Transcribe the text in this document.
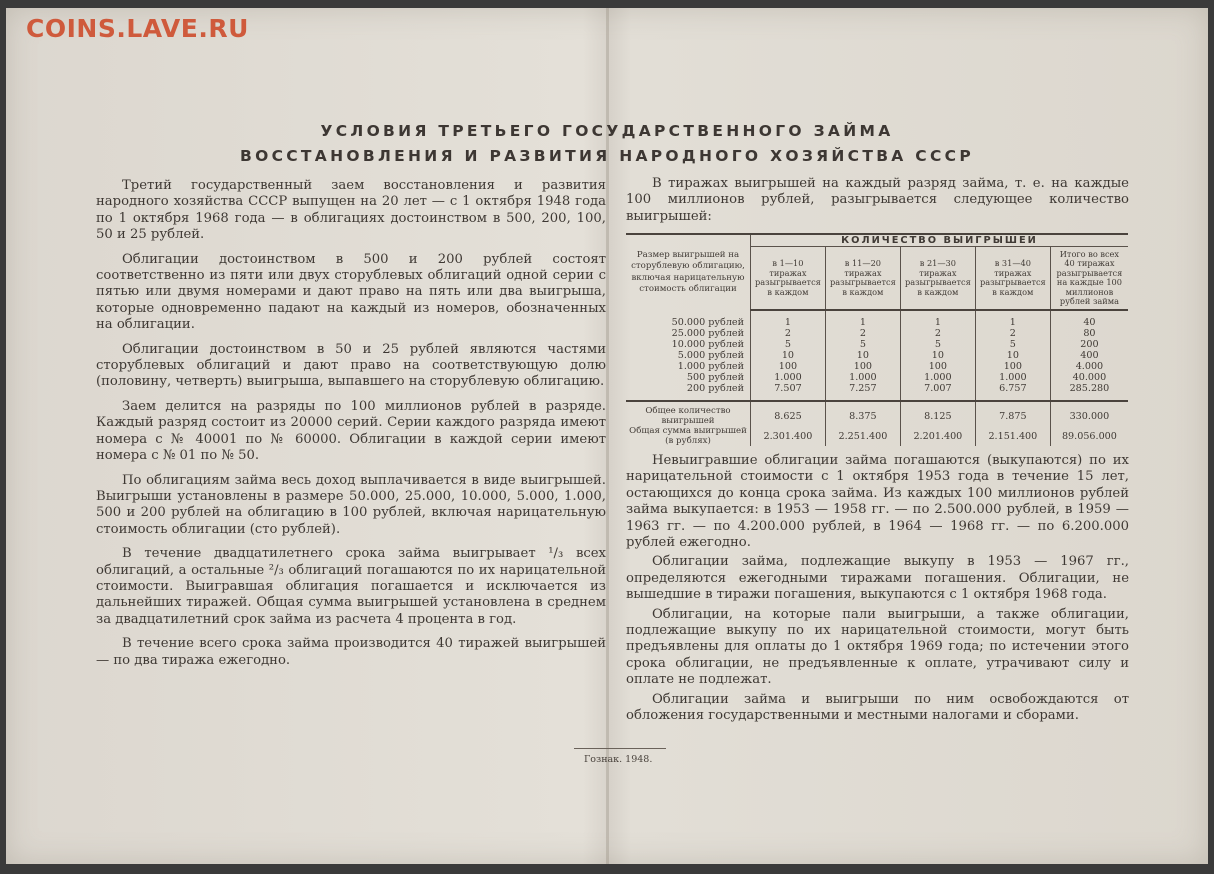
COINS.LAVE.RU
УСЛОВИЯ ТРЕТЬЕГО ГОСУДАРСТВЕННОГО ЗАЙМА
ВОССТАНОВЛЕНИЯ И РАЗВИТИЯ НАРОДНОГО ХОЗЯЙСТВА СССР

Третий государственный заем восстановления и развития народного хозяйства СССР выпущен на 20 лет — с 1 октября 1948 года по 1 октября 1968 года — в облигациях достоинством в 500, 200, 100, 50 и 25 рублей.

Облигации достоинством в 500 и 200 рублей состоят соответственно из пяти или двух сторублевых облигаций одной серии с пятью или двумя номерами и дают право на пять или два выигрыша, которые одновременно падают на каждый из номеров, обозначенных на облигации.

Облигации достоинством в 50 и 25 рублей являются частями сторублевых облигаций и дают право на соответствующую долю (половину, четверть) выигрыша, выпавшего на сторублевую облигацию.

Заем делится на разряды по 100 миллионов рублей в разряде. Каждый разряд состоит из 20000 серий. Серии каждого разряда имеют номера с № 40001 по № 60000. Облигации в каждой серии имеют номера с № 01 по № 50.

По облигациям займа весь доход выплачивается в виде выигрышей. Выигрыши установлены в размере 50.000, 25.000, 10.000, 5.000, 1.000, 500 и 200 рублей на облигацию в 100 рублей, включая нарицательную стоимость облигации (сто рублей).

В течение двадцатилетнего срока займа выигрывает ¹/₃ всех облигаций, а остальные ²/₃ облигаций погашаются по их нарицательной стоимости. Выигравшая облигация погашается и исключается из дальнейших тиражей. Общая сумма выигрышей установлена в среднем за двадцатилетний срок займа из расчета 4 процента в год.

В течение всего срока займа производится 40 тиражей выигрышей — по два тиража ежегодно.

В тиражах выигрышей на каждый разряд займа, т. е. на каждые 100 миллионов рублей, разыгрывается следующее количество выигрышей:

Размер выигрышей на сторублевую облигацию, включая нарицательную стоимость облигации	КОЛИЧЕСТВО ВЫИГРЫШЕЙ				
	в 1—10 тиражах разыгрывается в каждом	в 11—20 тиражах разыгрывается в каждом	в 21—30 тиражах разыгрывается в каждом	в 31—40 тиражах разыгрывается в каждом	Итого во всех 40 тиражах разыгрывается на каждые 100 миллионов рублей займа

50.000 рублей	1	1	1	1	40
25.000 рублей	2	2	2	2	80
10.000 рублей	5	5	5	5	200
5.000 рублей	10	10	10	10	400
1.000 рублей	100	100	100	100	4.000
500 рублей	1.000	1.000	1.000	1.000	40.000
200 рублей	7.507	7.257	7.007	6.757	285.280

Общее количество выигрышей	8.625	8.375	8.125	7.875	330.000
Общая сумма выигрышей (в рублях)	2.301.400	2.251.400	2.201.400	2.151.400	89.056.000

Невыигравшие облигации займа погашаются (выкупаются) по их нарицательной стоимости с 1 октября 1953 года в течение 15 лет, остающихся до конца срока займа. Из каждых 100 миллионов рублей займа выкупается: в 1953 — 1958 гг. — по 2.500.000 рублей, в 1959 — 1963 гг. — по 4.200.000 рублей, в 1964 — 1968 гг. — по 6.200.000 рублей ежегодно.

Облигации займа, подлежащие выкупу в 1953 — 1967 гг., определяются ежегодными тиражами погашения. Облигации, не вышедшие в тиражи погашения, выкупаются с 1 октября 1968 года.

Облигации, на которые пали выигрыши, а также облигации, подлежащие выкупу по их нарицательной стоимости, могут быть предъявлены для оплаты до 1 октября 1969 года; по истечении этого срока облигации, не предъявленные к оплате, утрачивают силу и оплате не подлежат.

Облигации займа и выигрыши по ним освобождаются от обложения государственными и местными налогами и сборами.

Гознак. 1948.
